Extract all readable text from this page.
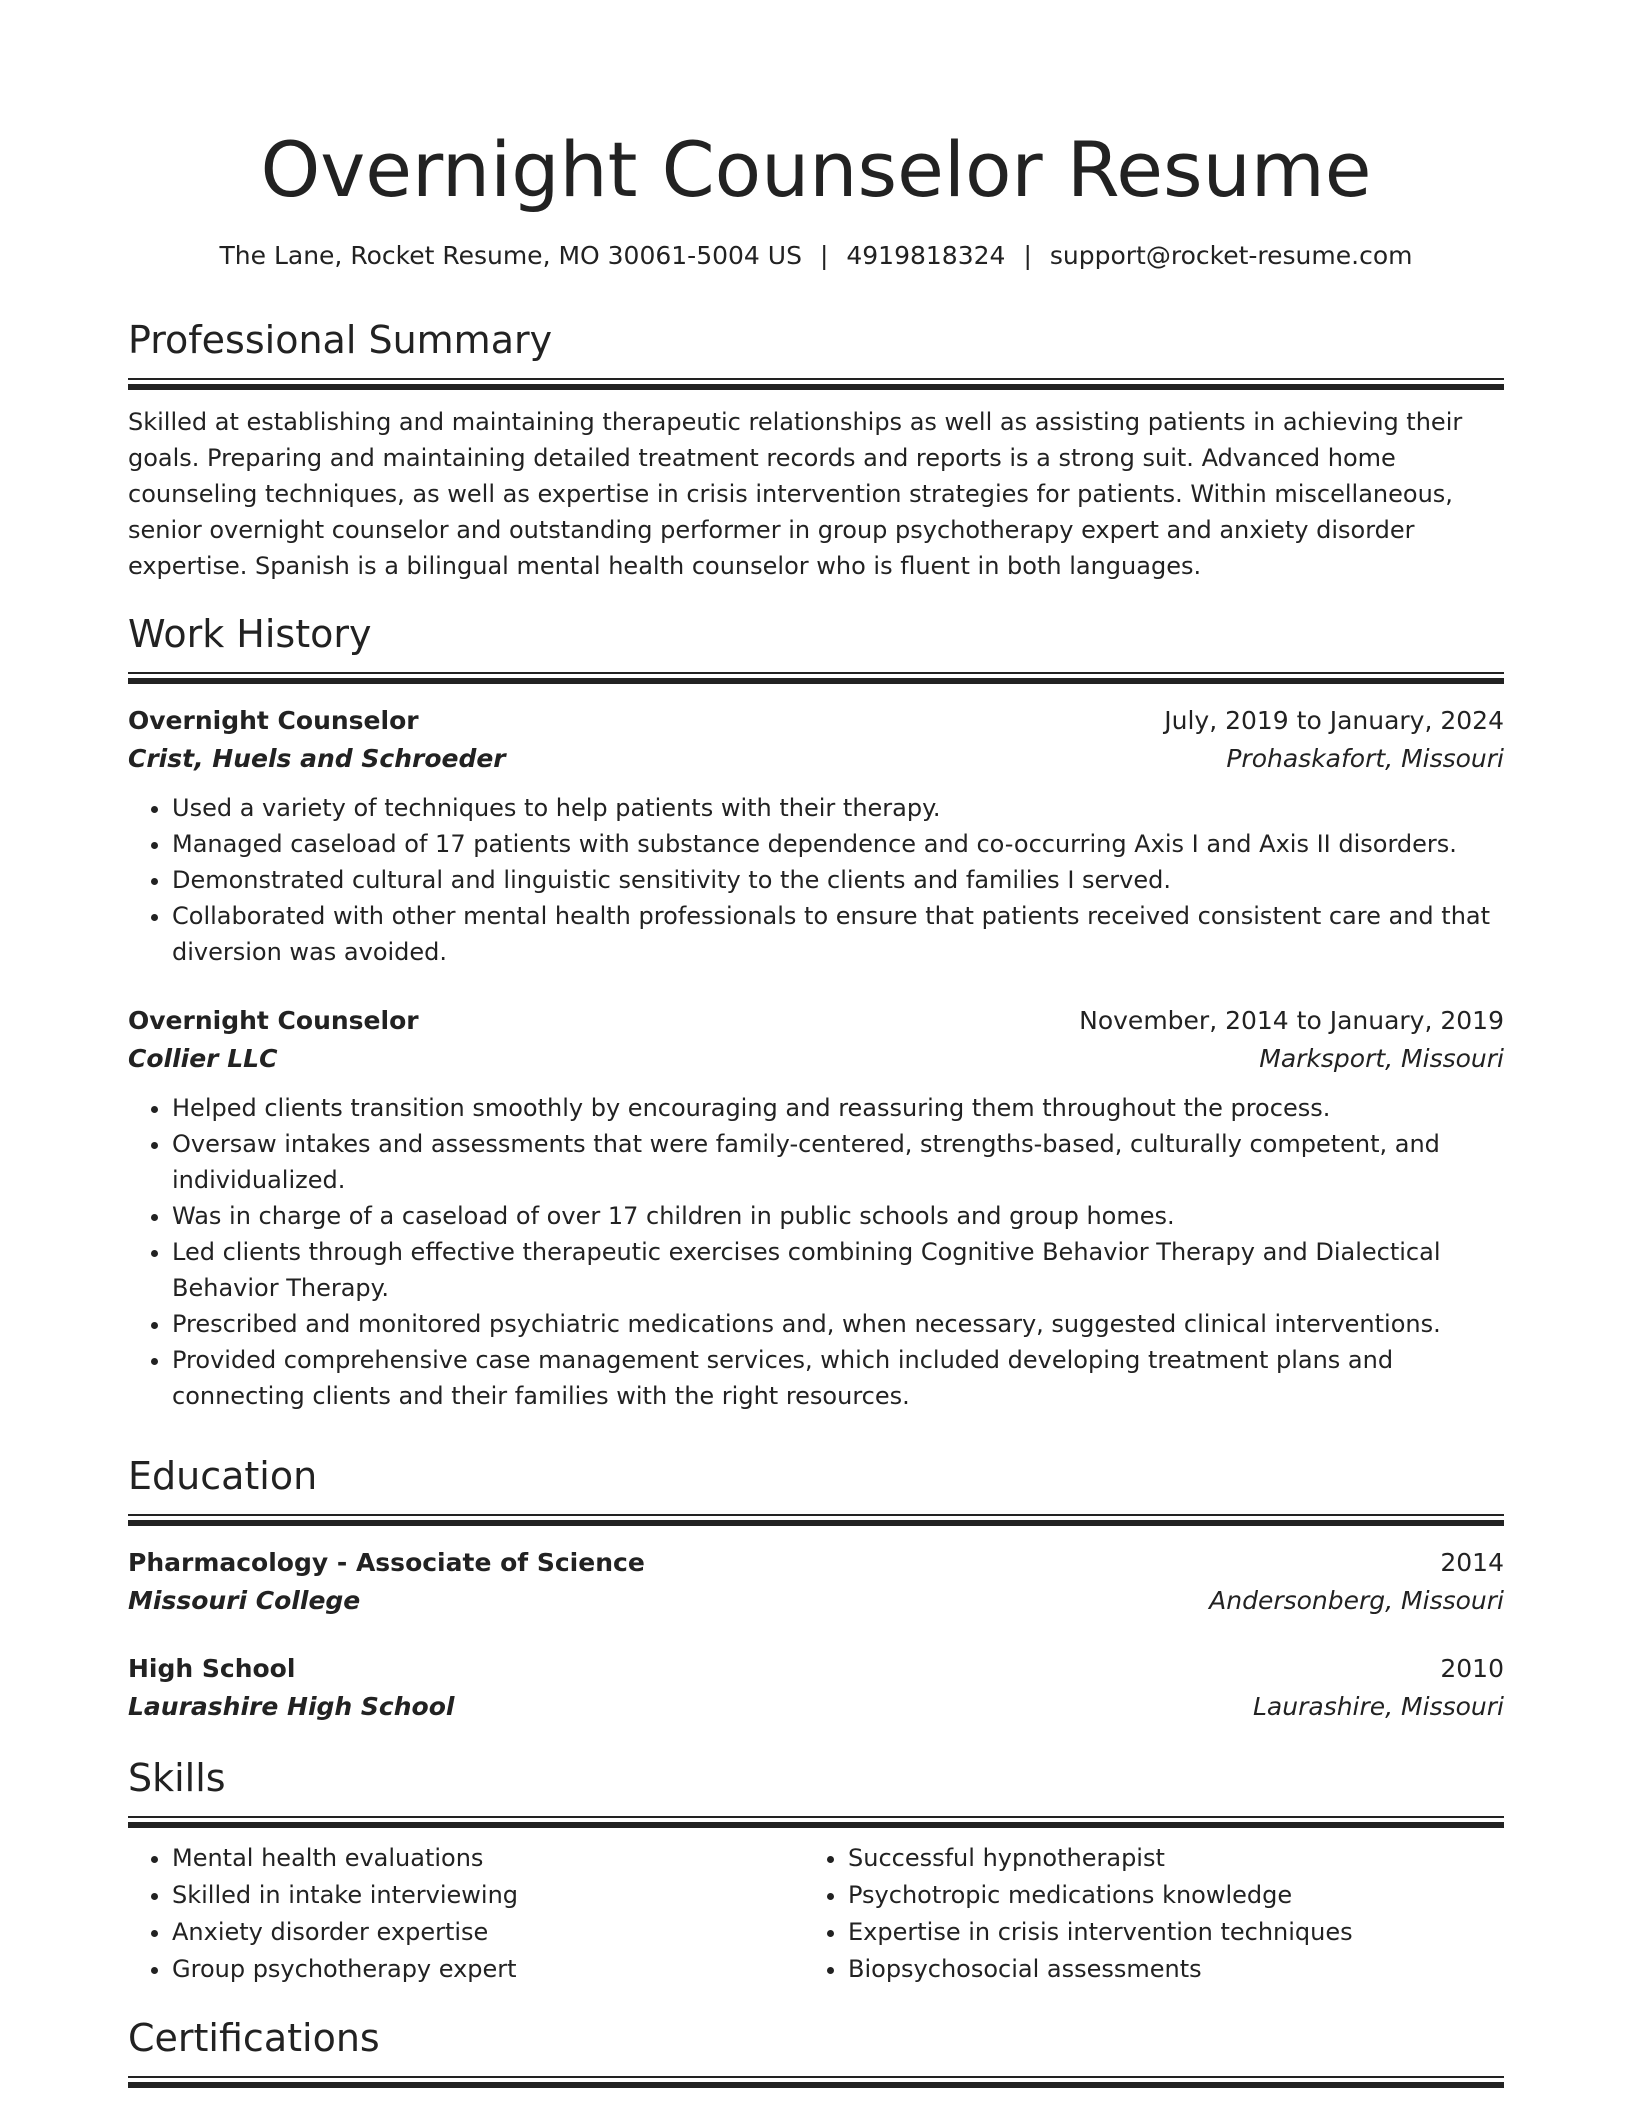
Overnight Counselor Resume
The Lane, Rocket Resume, MO 30061-5004 US | 4919818324 | support@rocket-resume.com
Professional Summary
Skilled at establishing and maintaining therapeutic relationships as well as assisting patients in achieving their goals. Preparing and maintaining detailed treatment records and reports is a strong suit. Advanced home counseling techniques, as well as expertise in crisis intervention strategies for patients. Within miscellaneous, senior overnight counselor and outstanding performer in group psychotherapy expert and anxiety disorder expertise. Spanish is a bilingual mental health counselor who is fluent in both languages.
Work History
Overnight Counselor	July, 2019 to January, 2024
Crist, Huels and Schroeder	Prohaskafort, Missouri
• Used a variety of techniques to help patients with their therapy.
• Managed caseload of 17 patients with substance dependence and co-occurring Axis I and Axis II disorders.
• Demonstrated cultural and linguistic sensitivity to the clients and families I served.
• Collaborated with other mental health professionals to ensure that patients received consistent care and that diversion was avoided.
Overnight Counselor	November, 2014 to January, 2019
Collier LLC	Marksport, Missouri
• Helped clients transition smoothly by encouraging and reassuring them throughout the process.
• Oversaw intakes and assessments that were family-centered, strengths-based, culturally competent, and individualized.
• Was in charge of a caseload of over 17 children in public schools and group homes.
• Led clients through effective therapeutic exercises combining Cognitive Behavior Therapy and Dialectical Behavior Therapy.
• Prescribed and monitored psychiatric medications and, when necessary, suggested clinical interventions.
• Provided comprehensive case management services, which included developing treatment plans and connecting clients and their families with the right resources.
Education
Pharmacology - Associate of Science	2014
Missouri College	Andersonberg, Missouri
High School	2010
Laurashire High School	Laurashire, Missouri
Skills
• Mental health evaluations
• Skilled in intake interviewing
• Anxiety disorder expertise
• Group psychotherapy expert
• Successful hypnotherapist
• Psychotropic medications knowledge
• Expertise in crisis intervention techniques
• Biopsychosocial assessments
Certifications
